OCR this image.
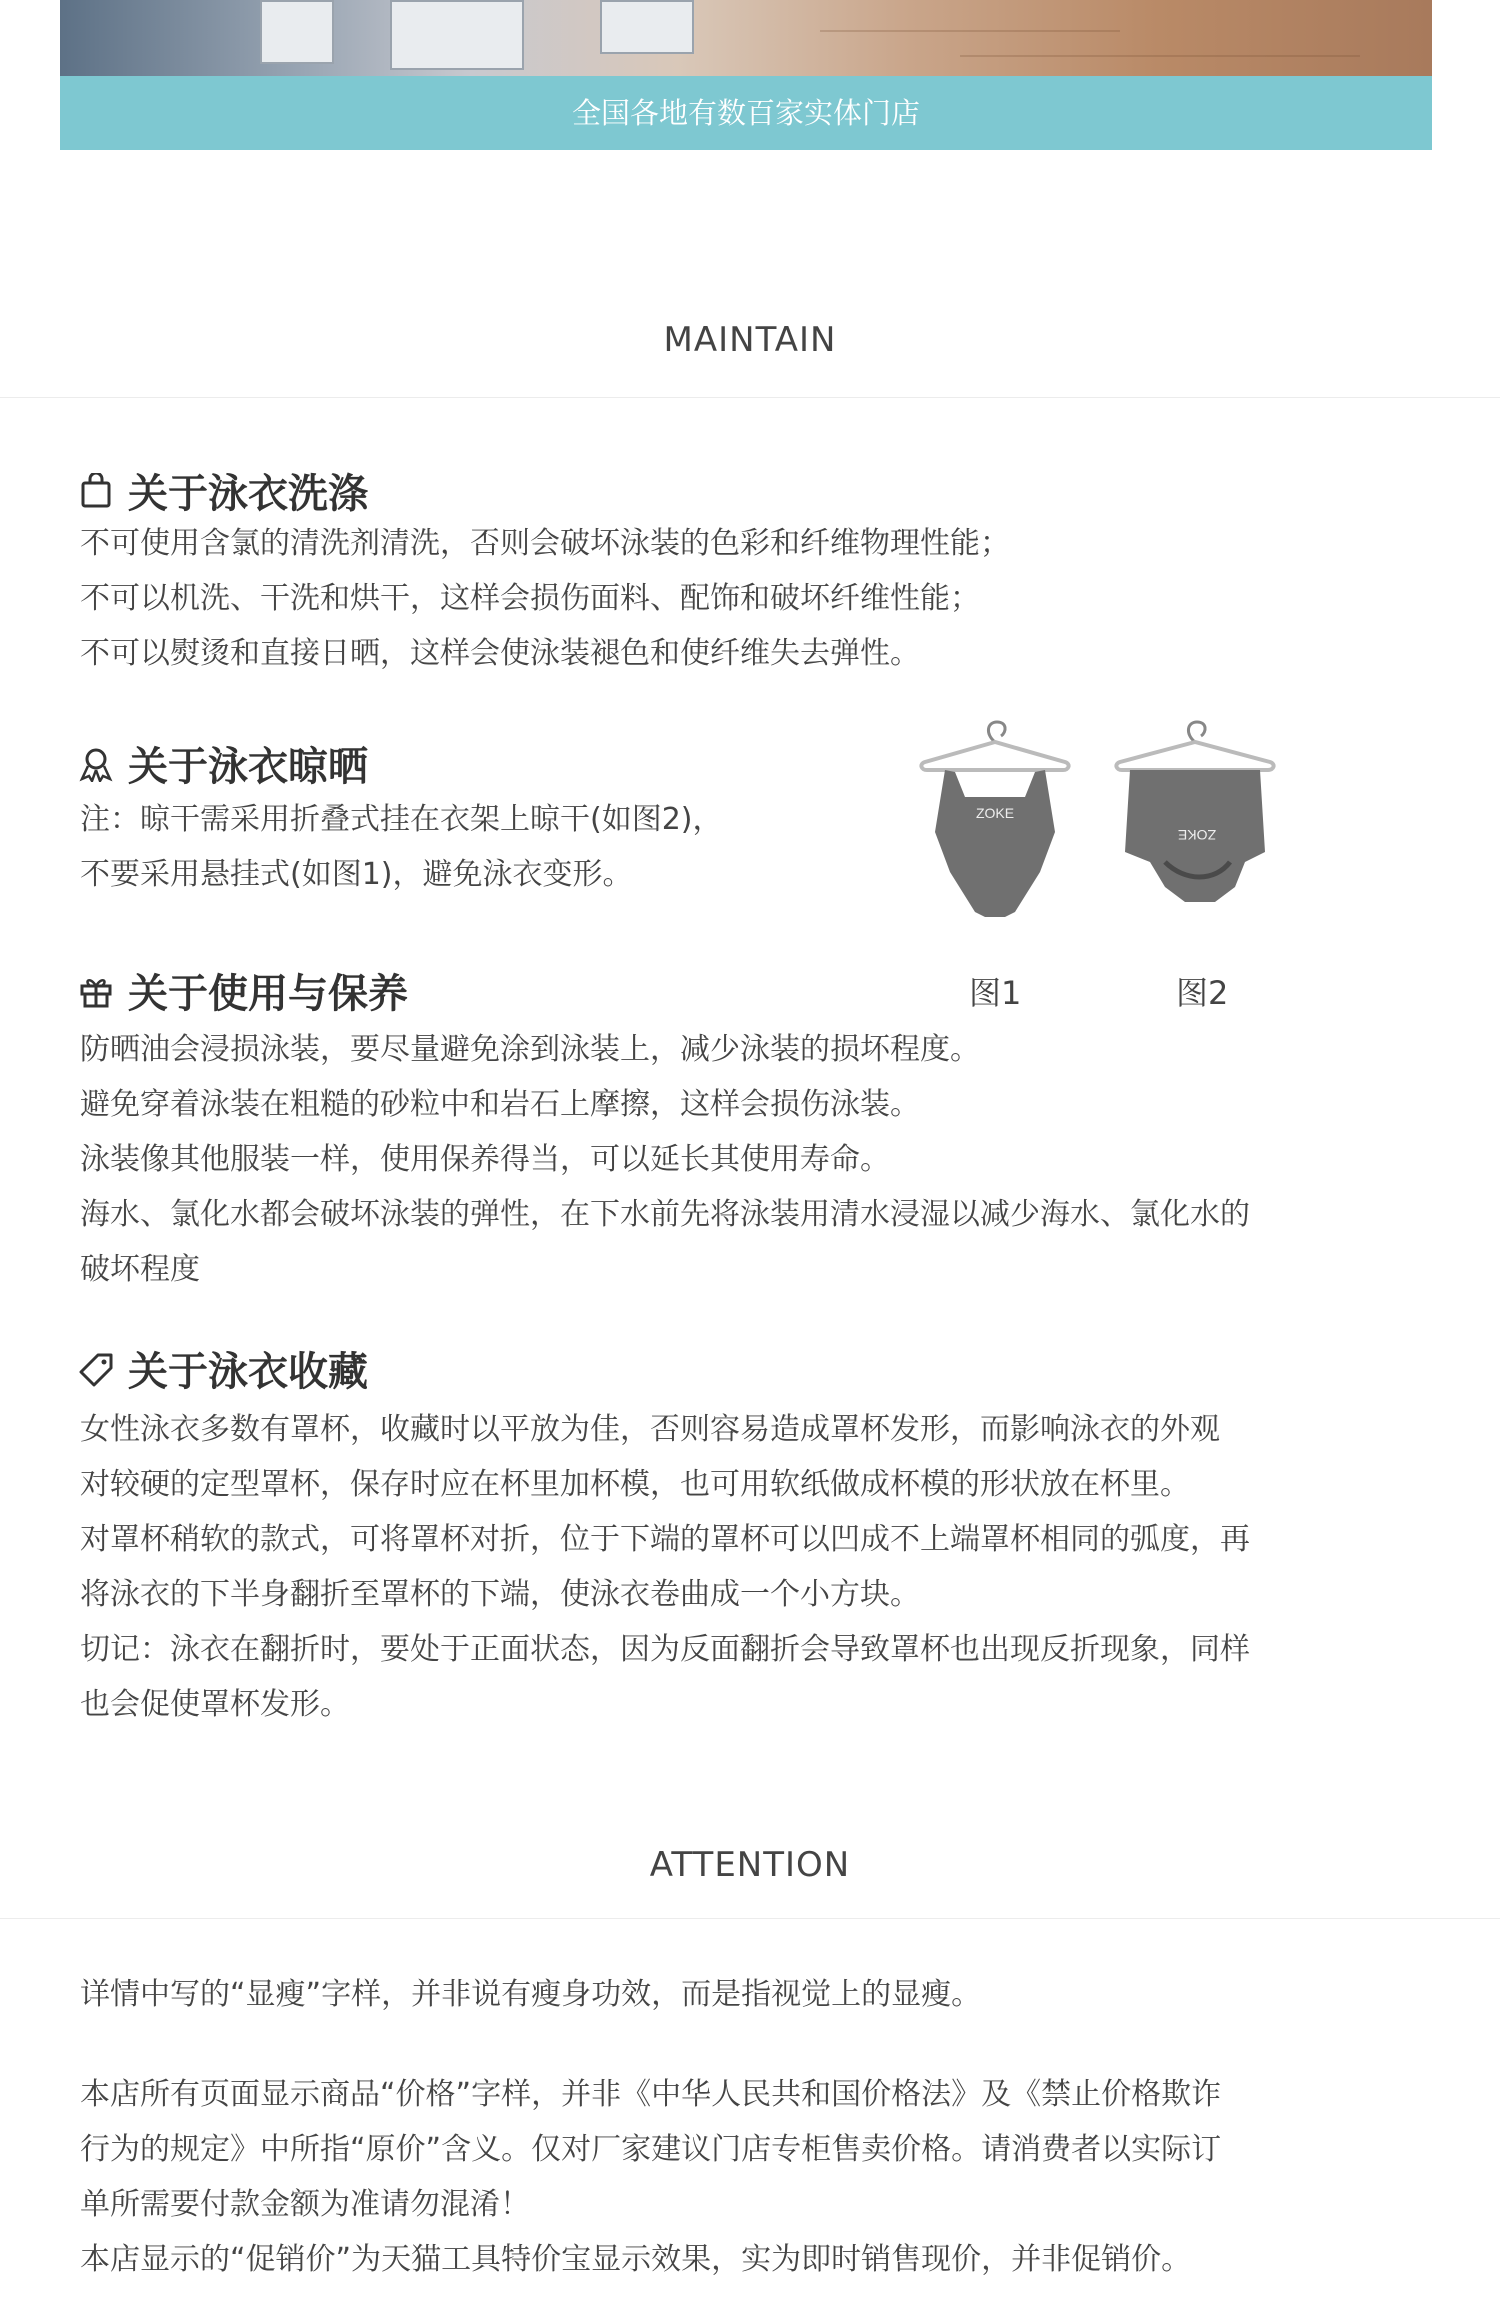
全国各地有数百家实体门店
MAINTAIN
关于泳衣洗涤

不可使用含氯的清洗剂清洗，否则会破坏泳装的色彩和纤维物理性能；

不可以机洗、干洗和烘干，这样会损伤面料、配饰和破坏纤维性能；

不可以熨烫和直接日晒，这样会使泳装褪色和使纤维失去弹性。

关于泳衣晾晒

注：晾干需采用折叠式挂在衣架上晾干(如图2)，

不要采用悬挂式(如图1)，避免泳衣变形。

ZOKE
图1
ZOKE
图2
关于使用与保养

防晒油会浸损泳装，要尽量避免涂到泳装上，减少泳装的损坏程度。

避免穿着泳装在粗糙的砂粒中和岩石上摩擦，这样会损伤泳装。

泳装像其他服装一样，使用保养得当，可以延长其使用寿命。

海水、氯化水都会破坏泳装的弹性，在下水前先将泳装用清水浸湿以减少海水、氯化水的

破坏程度

关于泳衣收藏

女性泳衣多数有罩杯，收藏时以平放为佳，否则容易造成罩杯发形，而影响泳衣的外观

对较硬的定型罩杯，保存时应在杯里加杯模，也可用软纸做成杯模的形状放在杯里。

对罩杯稍软的款式，可将罩杯对折，位于下端的罩杯可以凹成不上端罩杯相同的弧度，再

将泳衣的下半身翻折至罩杯的下端，使泳衣卷曲成一个小方块。

切记：泳衣在翻折时，要处于正面状态，因为反面翻折会导致罩杯也出现反折现象，同样

也会促使罩杯发形。

ATTENTION

详情中写的“显瘦”字样，并非说有瘦身功效，而是指视觉上的显瘦。

本店所有页面显示商品“价格”字样，并非《中华人民共和国价格法》及《禁止价格欺诈

行为的规定》中所指“原价”含义。仅对厂家建议门店专柜售卖价格。请消费者以实际订

单所需要付款金额为准请勿混淆！

本店显示的“促销价”为天猫工具特价宝显示效果，实为即时销售现价，并非促销价。
